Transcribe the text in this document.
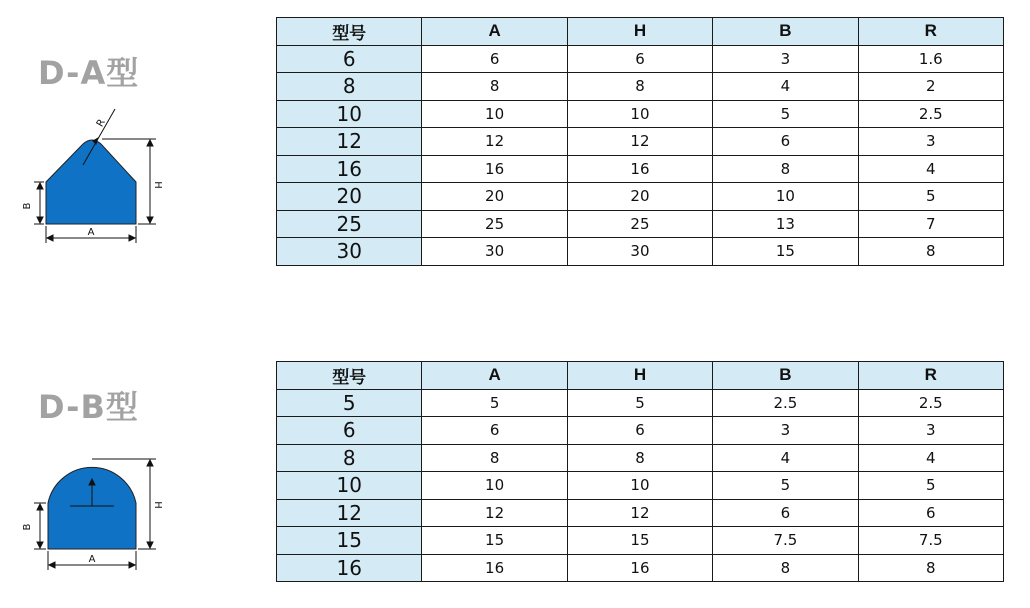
D-A型
R
H
B
A
型号	A	H	B	R
6	6	6	3	1.6
8	8	8	4	2
10	10	10	5	2.5
12	12	12	6	3
16	16	16	8	4
20	20	20	10	5
25	25	25	13	7
30	30	30	15	8
D-B型
H
B
A
型号	A	H	B	R
5	5	5	2.5	2.5
6	6	6	3	3
8	8	8	4	4
10	10	10	5	5
12	12	12	6	6
15	15	15	7.5	7.5
16	16	16	8	8
